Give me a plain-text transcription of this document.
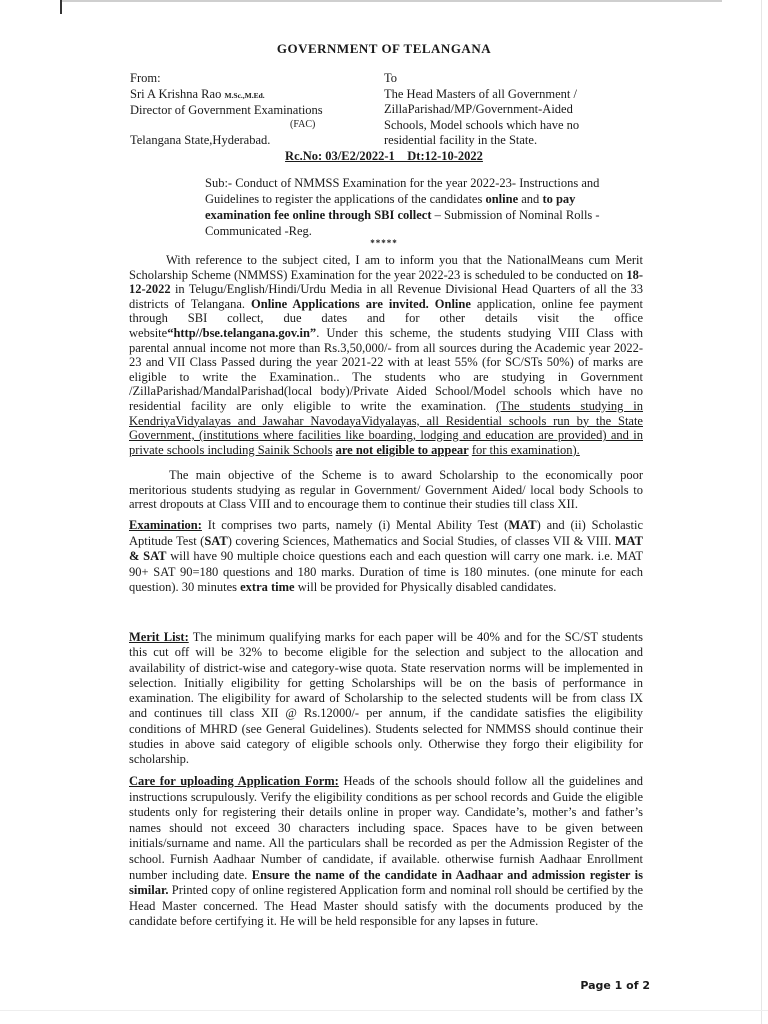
GOVERNMENT OF TELANGANA
From:
Sri A Krishna Rao M.Sc.,M.Ed.
Director of Government Examinations
(FAC)
Telangana State,Hyderabad.
To
The Head Masters of all Government /
ZillaParishad/MP/Government-Aided
Schools, Model schools which have no
residential facility in the State.
Rc.No: 03/E2/2022-1    Dt:12-10-2022
Sub:- Conduct of NMMSS Examination for the year 2022-23- Instructions and Guidelines to register the applications of the candidates online and to pay examination fee online through SBI collect – Submission of Nominal Rolls -Communicated -Reg.
*****
With reference to the subject cited, I am to inform you that the NationalMeans cum Merit Scholarship Scheme (NMMSS) Examination for the year 2022-23 is scheduled to be conducted on 18-12-2022 in Telugu/English/Hindi/Urdu Media in all Revenue Divisional Head Quarters of all the 33 districts of Telangana. Online Applications are invited. Online application, online fee payment through SBI collect, due dates and for other details visit the office website“http//bse.telangana.gov.in”. Under this scheme, the students studying VIII Class with parental annual income not more than Rs.3,50,000/- from all sources during the Academic year 2022-23 and VII Class Passed during the year 2021-22 with at least 55% (for SC/STs 50%) of marks are eligible to write the Examination.. The students who are studying in Government /ZillaParishad/MandalParishad(local body)/Private Aided School/Model schools which have no residential facility are only eligible to write the examination. (The students studying in KendriyaVidyalayas and Jawahar NavodayaVidyalayas, all Residential schools run by the State Government, (institutions where facilities like boarding, lodging and education are provided) and in private schools including Sainik Schools are not eligible to appear for this examination).
The main objective of the Scheme is to award Scholarship to the economically poor meritorious students studying as regular in Government/ Government Aided/ local body Schools to arrest dropouts at Class VIII and to encourage them to continue their studies till class XII.
Examination: It comprises two parts, namely (i) Mental Ability Test (MAT) and (ii) Scholastic Aptitude Test (SAT) covering Sciences, Mathematics and Social Studies, of classes VII & VIII. MAT & SAT will have 90 multiple choice questions each and each question will carry one mark. i.e. MAT 90+ SAT 90=180 questions and 180 marks. Duration of time is 180 minutes. (one minute for each question). 30 minutes extra time will be provided for Physically disabled candidates.
Merit List: The minimum qualifying marks for each paper will be 40% and for the SC/ST students this cut off will be 32% to become eligible for the selection and subject to the allocation and availability of district-wise and category-wise quota. State reservation norms will be implemented in selection. Initially eligibility for getting Scholarships will be on the basis of performance in examination. The eligibility for award of Scholarship to the selected students will be from class IX and continues till class XII @ Rs.12000/- per annum, if the candidate satisfies the eligibility conditions of MHRD (see General Guidelines). Students selected for NMMSS should continue their studies in above said category of eligible schools only. Otherwise they forgo their eligibility for scholarship.
Care for uploading Application Form: Heads of the schools should follow all the guidelines and instructions scrupulously. Verify the eligibility conditions as per school records and Guide the eligible students only for registering their details online in proper way. Candidate’s, mother’s and father’s names should not exceed 30 characters including space. Spaces have to be given between initials/surname and name. All the particulars shall be recorded as per the Admission Register of the school. Furnish Aadhaar Number of candidate, if available. otherwise furnish Aadhaar Enrollment number including date. Ensure the name of the candidate in Aadhaar and admission register is similar. Printed copy of online registered Application form and nominal roll should be certified by the Head Master concerned. The Head Master should satisfy with the documents produced by the candidate before certifying it. He will be held responsible for any lapses in future.
Page 1 of 2
